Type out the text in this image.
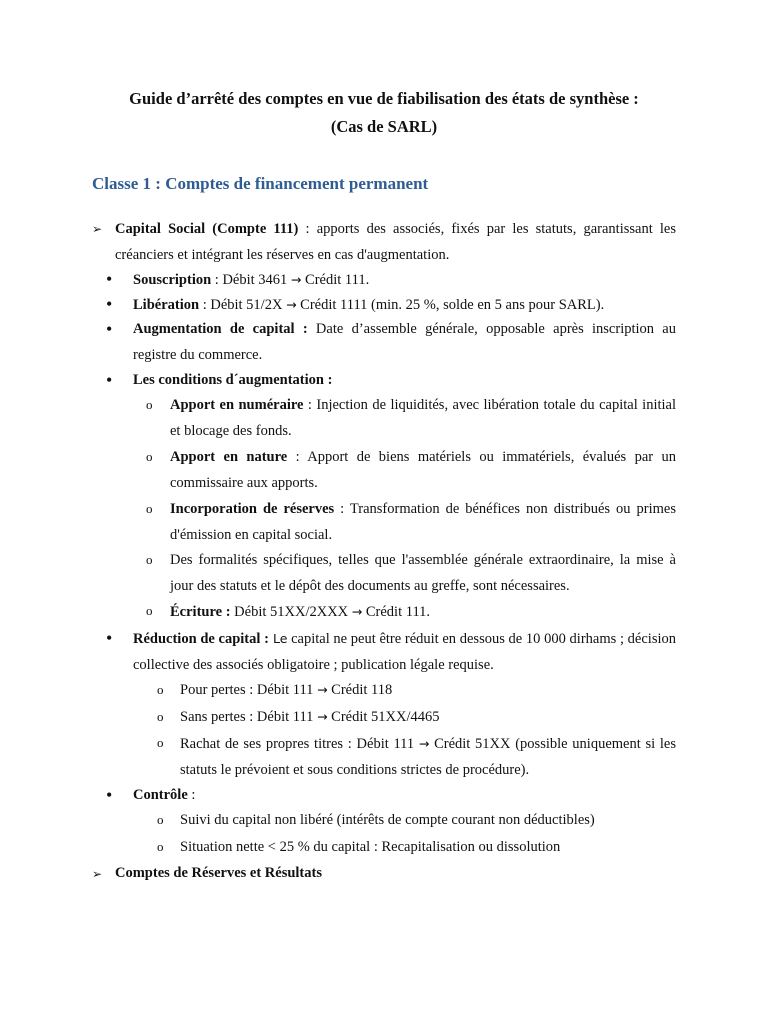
Guide d’arrêté des comptes en vue de fiabilisation des états de synthèse :
(Cas de SARL)
Classe 1 : Comptes de financement permanent
➢ Capital Social (Compte 111) : apports des associés, fixés par les statuts, garantissant les créanciers et intégrant les réserves en cas d'augmentation.
• Souscription : Débit 3461 → Crédit 111.
• Libération : Débit 51/2X → Crédit 1111 (min. 25 %, solde en 5 ans pour SARL).
• Augmentation de capital : Date d’assemble générale, opposable après inscription au registre du commerce.
• Les conditions d´augmentation :
o Apport en numéraire : Injection de liquidités, avec libération totale du capital initial et blocage des fonds.
o Apport en nature : Apport de biens matériels ou immatériels, évalués par un commissaire aux apports.
o Incorporation de réserves : Transformation de bénéfices non distribués ou primes d'émission en capital social.
o Des formalités spécifiques, telles que l'assemblée générale extraordinaire, la mise à jour des statuts et le dépôt des documents au greffe, sont nécessaires.
o Écriture : Débit 51XX/2XXX → Crédit 111.
• Réduction de capital : Le capital ne peut être réduit en dessous de 10 000 dirhams ; décision collective des associés obligatoire ; publication légale requise.
o Pour pertes : Débit 111 → Crédit 118
o Sans pertes : Débit 111 → Crédit 51XX/4465
o Rachat de ses propres titres : Débit 111 → Crédit 51XX (possible uniquement si les statuts le prévoient et sous conditions strictes de procédure).
• Contrôle :
o Suivi du capital non libéré (intérêts de compte courant non déductibles)
o Situation nette < 25 % du capital : Recapitalisation ou dissolution
➢ Comptes de Réserves et Résultats
